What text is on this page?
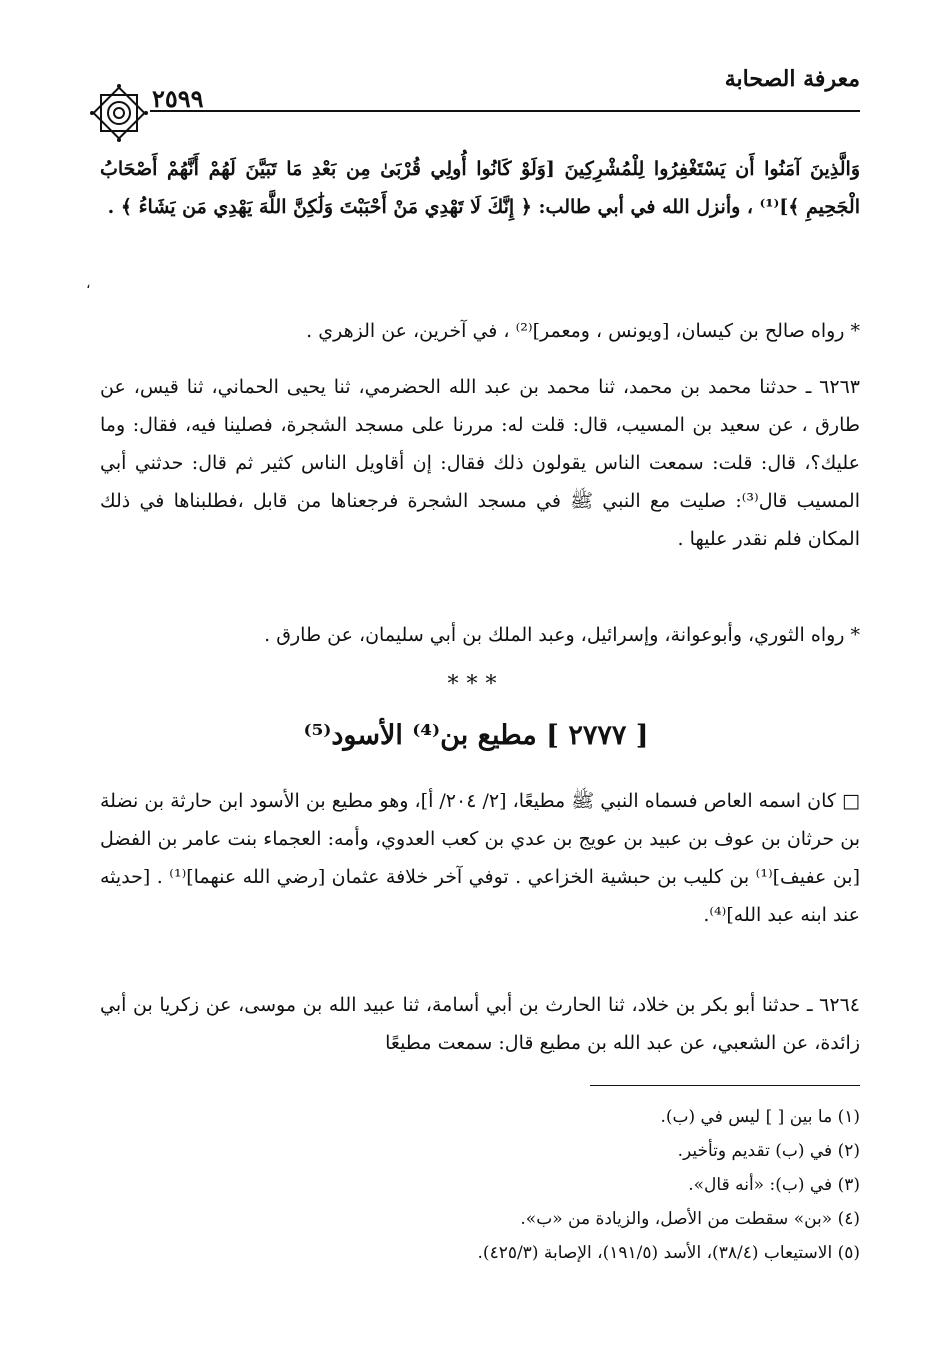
معرفة الصحابة
٢٥٩٩

وَالَّذِينَ آمَنُوا أَن يَسْتَغْفِرُوا لِلْمُشْرِكِينَ [وَلَوْ كَانُوا أُولِي قُرْبَىٰ مِن بَعْدِ مَا تَبَيَّنَ لَهُمْ أَنَّهُمْ أَصْحَابُ الْجَحِيمِ ﴾]⁽¹⁾ ، وأنزل الله في أبي طالب: ﴿ إِنَّكَ لَا تَهْدِي مَنْ أَحْبَبْتَ وَلَٰكِنَّ اللَّهَ يَهْدِي مَن يَشَاءُ ﴾ .

،

* رواه صالح بن كيسان، [ويونس ، ومعمر]⁽²⁾ ، في آخرين، عن الزهري .

٦٢٦٣ ـ حدثنا محمد بن محمد، ثنا محمد بن عبد الله الحضرمي، ثنا يحيى الحماني، ثنا قيس، عن طارق ، عن سعيد بن المسيب، قال: قلت له: مررنا على مسجد الشجرة، فصلينا فيه، فقال: وما عليك؟، قال: قلت: سمعت الناس يقولون ذلك فقال: إن أقاويل الناس كثير ثم قال: حدثني أبي المسيب قال⁽³⁾: صليت مع النبي ﷺ في مسجد الشجرة فرجعناها من قابل ،فطلبناها في ذلك المكان فلم نقدر عليها .

* رواه الثوري، وأبوعوانة، وإسرائيل، وعبد الملك بن أبي سليمان، عن طارق .

***
[ ٢٧٧٧ ] مطيع بن⁽⁴⁾ الأسود⁽⁵⁾

□ كان اسمه العاص فسماه النبي ﷺ مطيعًا، [٢/ ٢٠٤/ أ]، وهو مطيع بن الأسود ابن حارثة بن نضلة بن حرثان بن عوف بن عبيد بن عويج بن عدي بن كعب العدوي، وأمه: العجماء بنت عامر بن الفضل [بن عفيف]⁽¹⁾ بن كليب بن حبشية الخزاعي . توفي آخر خلافة عثمان [رضي الله عنهما]⁽¹⁾ . [حديثه عند ابنه عبد الله]⁽⁴⁾.

٦٢٦٤ ـ حدثنا أبو بكر بن خلاد، ثنا الحارث بن أبي أسامة، ثنا عبيد الله بن موسى، عن زكريا بن أبي زائدة، عن الشعبي، عن عبد الله بن مطيع قال: سمعت مطيعًا

(١) ما بين [ ] ليس في (ب).
(٢) في (ب) تقديم وتأخير.
(٣) في (ب): «أنه قال».
(٤) «بن» سقطت من الأصل، والزيادة من «ب».
(٥) الاستيعاب (٣٨/٤)، الأسد (١٩١/٥)، الإصابة (٤٢٥/٣).
